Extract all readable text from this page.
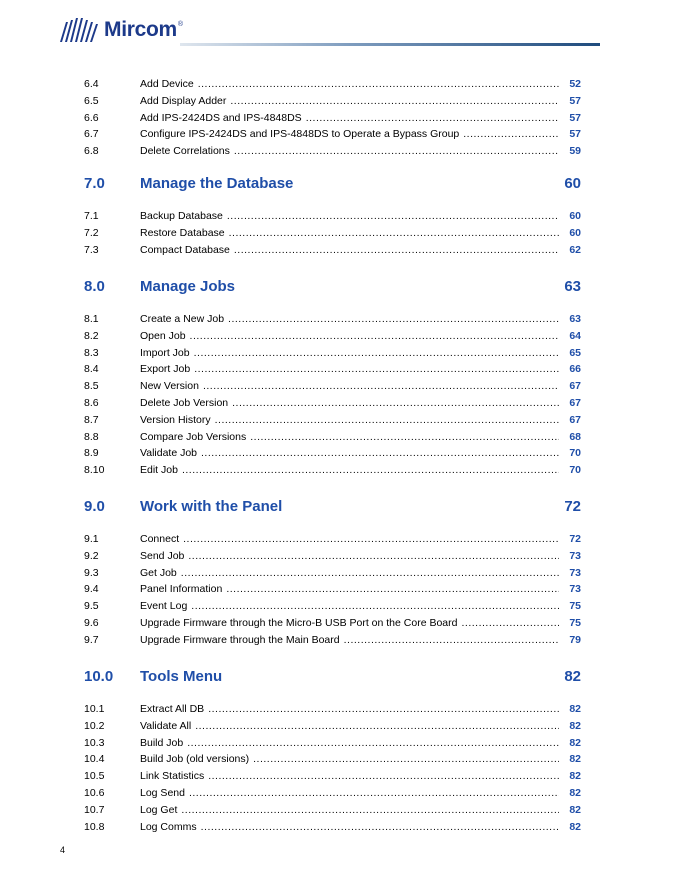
Mircom ®
6.4	Add Device .....	52
6.5	Add Display Adder .....	57
6.6	Add IPS-2424DS and IPS-4848DS .....	57
6.7	Configure IPS-2424DS and IPS-4848DS to Operate a Bypass Group .....	57
6.8	Delete Correlations .....	59
7.0 Manage the Database	60
7.1	Backup Database .....	60
7.2	Restore Database .....	60
7.3	Compact Database .....	62
8.0 Manage Jobs	63
8.1	Create a New Job .....	63
8.2	Open Job .....	64
8.3	Import Job .....	65
8.4	Export Job .....	66
8.5	New Version .....	67
8.6	Delete Job Version .....	67
8.7	Version History .....	67
8.8	Compare Job Versions .....	68
8.9	Validate Job .....	70
8.10	Edit Job .....	70
9.0 Work with the Panel	72
9.1	Connect .....	72
9.2	Send Job .....	73
9.3	Get Job .....	73
9.4	Panel Information .....	73
9.5	Event Log .....	75
9.6	Upgrade Firmware through the Micro-B USB Port on the Core Board .....	75
9.7	Upgrade Firmware through the Main Board .....	79
10.0 Tools Menu	82
10.1	Extract All DB .....	82
10.2	Validate All .....	82
10.3	Build Job .....	82
10.4	Build Job (old versions) .....	82
10.5	Link Statistics .....	82
10.6	Log Send .....	82
10.7	Log Get .....	82
10.8	Log Comms .....	82
4
